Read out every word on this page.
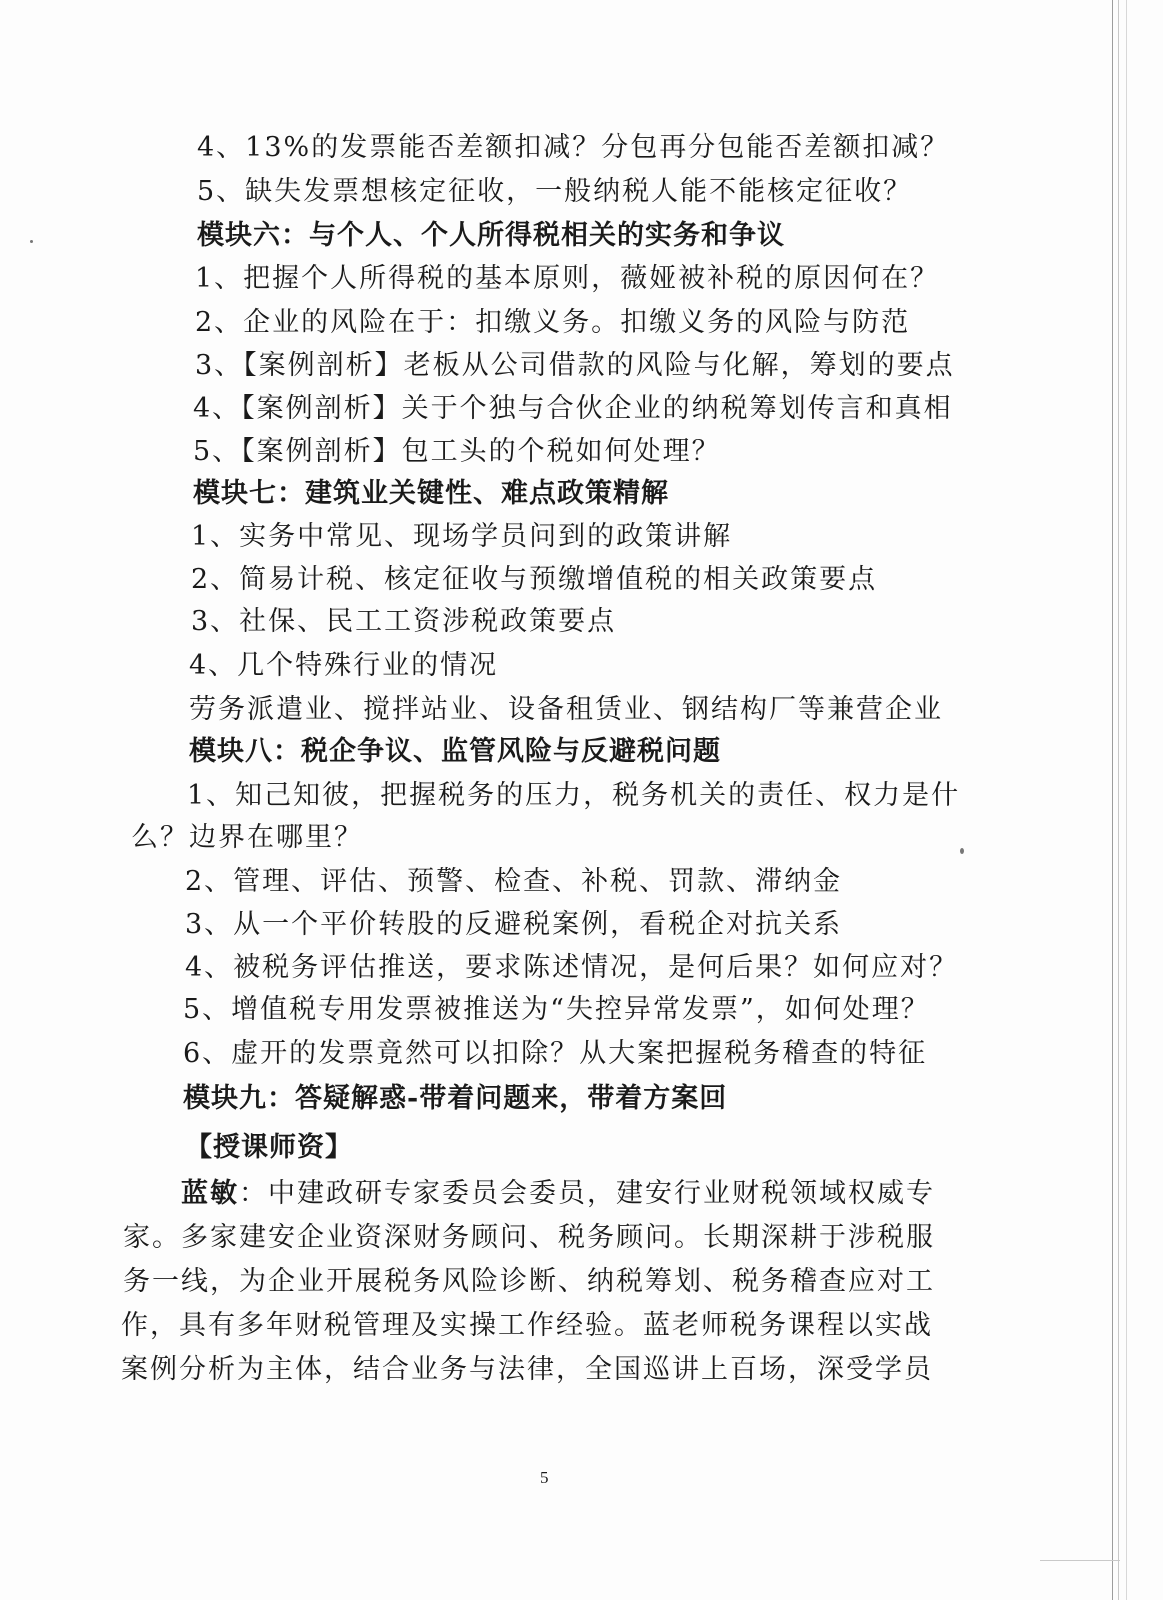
4、13%的发票能否差额扣减？分包再分包能否差额扣减？
5、缺失发票想核定征收，一般纳税人能不能核定征收？
模块六：与个人、个人所得税相关的实务和争议
1、把握个人所得税的基本原则，薇娅被补税的原因何在？
2、企业的风险在于：扣缴义务。扣缴义务的风险与防范
3、【案例剖析】老板从公司借款的风险与化解，筹划的要点
4、【案例剖析】关于个独与合伙企业的纳税筹划传言和真相
5、【案例剖析】包工头的个税如何处理？
模块七：建筑业关键性、难点政策精解
1、实务中常见、现场学员问到的政策讲解
2、简易计税、核定征收与预缴增值税的相关政策要点
3、社保、民工工资涉税政策要点
4、几个特殊行业的情况
劳务派遣业、搅拌站业、设备租赁业、钢结构厂等兼营企业
模块八：税企争议、监管风险与反避税问题
1、知己知彼，把握税务的压力，税务机关的责任、权力是什
么？边界在哪里？
2、管理、评估、预警、检查、补税、罚款、滞纳金
3、从一个平价转股的反避税案例，看税企对抗关系
4、被税务评估推送，要求陈述情况，是何后果？如何应对？
5、增值税专用发票被推送为“失控异常发票”，如何处理？
6、虚开的发票竟然可以扣除？从大案把握税务稽查的特征
模块九：答疑解惑-带着问题来，带着方案回
【授课师资】
蓝敏：中建政研专家委员会委员，建安行业财税领域权威专
家。多家建安企业资深财务顾问、税务顾问。长期深耕于涉税服
务一线，为企业开展税务风险诊断、纳税筹划、税务稽查应对工
作，具有多年财税管理及实操工作经验。蓝老师税务课程以实战
案例分析为主体，结合业务与法律，全国巡讲上百场，深受学员
5
